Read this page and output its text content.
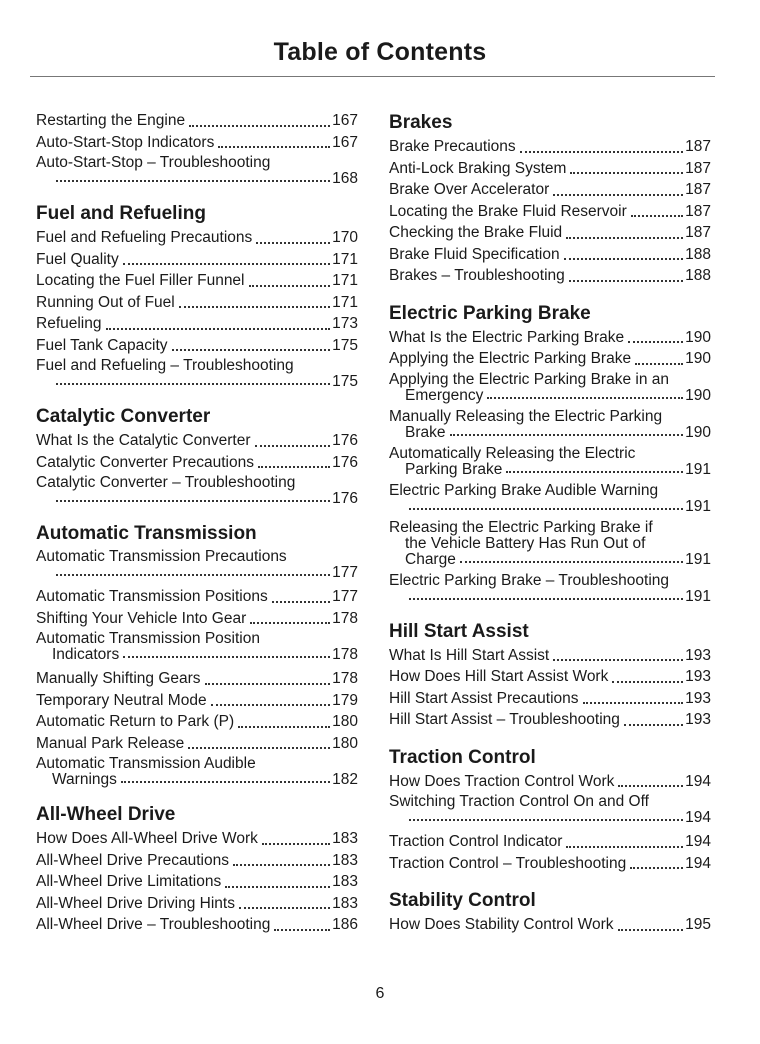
Table of Contents
Restarting the Engine	167
Auto-Start-Stop Indicators	167
Auto-Start-Stop – Troubleshooting
168
Fuel and Refueling
Fuel and Refueling Precautions	170
Fuel Quality	171
Locating the Fuel Filler Funnel	171
Running Out of Fuel	171
Refueling	173
Fuel Tank Capacity	175
Fuel and Refueling – Troubleshooting
175
Catalytic Converter
What Is the Catalytic Converter	176
Catalytic Converter Precautions	176
Catalytic Converter – Troubleshooting
176
Automatic Transmission
Automatic Transmission Precautions
177
Automatic Transmission Positions	177
Shifting Your Vehicle Into Gear	178
Automatic Transmission Position
Indicators	178
Manually Shifting Gears	178
Temporary Neutral Mode	179
Automatic Return to Park (P)	180
Manual Park Release	180
Automatic Transmission Audible
Warnings	182
All-Wheel Drive
How Does All-Wheel Drive Work	183
All-Wheel Drive Precautions	183
All-Wheel Drive Limitations	183
All-Wheel Drive Driving Hints	183
All-Wheel Drive – Troubleshooting	186
Brakes
Brake Precautions	187
Anti-Lock Braking System	187
Brake Over Accelerator	187
Locating the Brake Fluid Reservoir	187
Checking the Brake Fluid	187
Brake Fluid Specification	188
Brakes – Troubleshooting	188
Electric Parking Brake
What Is the Electric Parking Brake	190
Applying the Electric Parking Brake	190
Applying the Electric Parking Brake in an
Emergency	190
Manually Releasing the Electric Parking
Brake	190
Automatically Releasing the Electric
Parking Brake	191
Electric Parking Brake Audible Warning
191
Releasing the Electric Parking Brake if
the Vehicle Battery Has Run Out of
Charge	191
Electric Parking Brake – Troubleshooting
191
Hill Start Assist
What Is Hill Start Assist	193
How Does Hill Start Assist Work	193
Hill Start Assist Precautions	193
Hill Start Assist – Troubleshooting	193
Traction Control
How Does Traction Control Work	194
Switching Traction Control On and Off
194
Traction Control Indicator	194
Traction Control – Troubleshooting	194
Stability Control
How Does Stability Control Work	195
6
